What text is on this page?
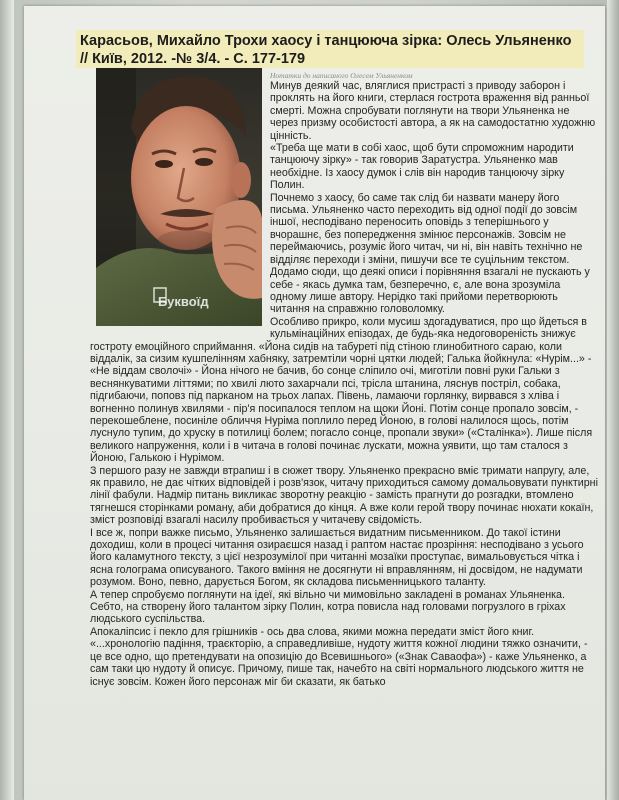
Карасьов, Михайло Трохи хаосу і танцюючa зірка: Олесь Ульяненко // Київ, 2012. -№ 3/4. - С. 177-179
Буквоїд
Нотатки до написаного Олесем Ульяненком

Минув деякий час, вляглися пристрасті з приводу заборон і проклять на його книги, стерлася гострота враження від ранньої смерті. Можна спробувати поглянути на твори Ульяненка не через призму особистості автора, а як на самодостатню художню цінність.

«Треба ще мати в собі хаос, щоб бути спроможним народити танцюючу зірку» - так говорив Заратустра. Ульяненко мав необхідне. Із хаосу думок і слів він народив танцюючу зірку Полин.

Почнемо з хаосу, бо саме так слід би назвати манеру його письма. Ульяненко часто переходить від одної події до зовсім іншої, несподівано переносить оповідь з теперішнього у вчорашнє, без попередження змінює персонажів. Зовсім не переймаючись, розуміє його читач, чи ні, він навіть технічно не відділяє переходи і зміни, пишучи все те суцільним текстом. Додамо сюди, що деякі описи і порівняння взагалі не пускають у себе - якась думка там, безперечно, є, але вона зрозуміла одному лише автору. Нерідко такі прийоми перетворюють читання на справжню головоломку.

Особливо прикро, коли мусиш здогадуватися, про що йдеться в кульмінаційних епізодах, де будь-яка недоговореність знижує гостроту емоційного сприймання. «Йона сидів на табуреті під стіною глинобитного сараю, коли віддалік, за сизим кушпелінням хабняку, затремтіли чорні цятки людей; Галька йойкнула: «Нурім...» - «Не віддам сволочі» - Йона нічого не бачив, бо сонце сліпило очі, миготіли повні руки Гальки з веснянкуватими літтями; по хвилі люто захарчали псі, трісла штанина, ляснув постріл, собака, підгибаючи, поповз під парканом на трьох лапах. Півень, ламаючи горлянку, вирвався з хліва і вогненно полинув хвилями - пір'я посипалося теплом на щоки Йоні. Потім сонце пропало зовсім, - перекошеблене, посиніле обличчя Нуріма поплило перед Йоною, в голові налилося щось, потім луснуло тупим, до хруску в потилиці болем; погасло сонце, пропали звуки» («Сталінка»). Лише після великого напруження, коли і в читача в голові починає лускати, можна уявити, що там сталося з Йоною, Галькою і Нурімом.

З першого разу не завжди втрапиш і в сюжет твору. Ульяненко прекрасно вміє тримати напругу, але, як правило, не дає чітких відповідей і розв'язок, читачу приходиться самому домальовувати пунктирні лінії фабули. Надмір питань викликає зворотну реакцію - замість прагнути до розгадки, втомлено тягнешся сторінками роману, аби добратися до кінця. А вже коли герой твору починає нюхати кокаїн, зміст розповіді взагалі насилу пробивається у читачеву свідомість.

І все ж, попри важке письмо, Ульяненко залишається видатним письменником. До такої істини доходиш, коли в процесі читання озираєшся назад і раптом настає прозріння: несподівано з усього його каламутного тексту, з цієї незрозумілої при читанні мозаїки проступає, вимальовується чітка і ясна голограма описуваного. Такого вміння не досягнути ні вправлянням, ні досвідом, не надумати розумом. Воно, певно, дарується Богом, як складова письменницького таланту.

А тепер спробуємо поглянути на ідеї, які вільно чи мимовільно закладені в романах Ульяненка. Себто, на створену його талантом зірку Полин, котра повисла над головами погрузлого в гріхах людського суспільства.

Апокаліпсис і пекло для грішників - ось два слова, якими можна передати зміст його книг. «...хронологію падіння, траєкторію, а справедливіше, нудоту життя кожної людини тяжко означити, - це все одно, що претендувати на опозицію до Всевишнього» («Знак Саваофа») - каже Ульяненко, а сам таки цю нудоту й описує. Причому, пише так, начебто на світі нормального людського життя не існує зовсім. Кожен його персонаж міг би сказати, як батько
